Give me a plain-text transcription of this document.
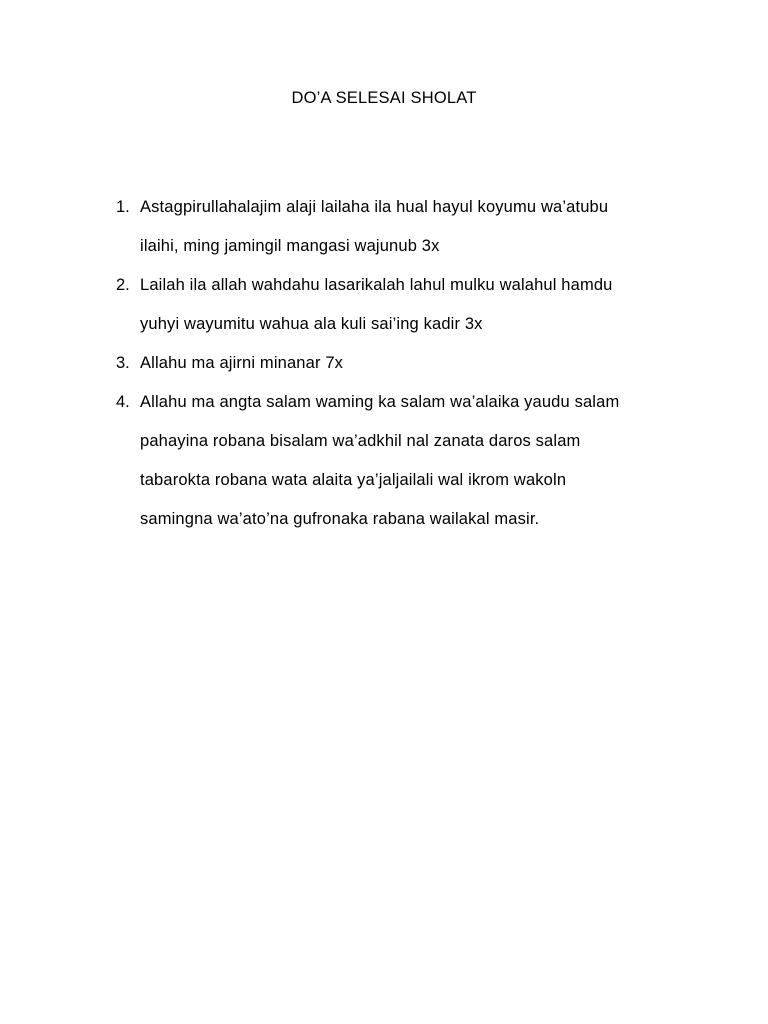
DO’A SELESAI SHOLAT
1. Astagpirullahalajim alaji lailaha ila hual hayul koyumu wa’atubu
ilaihi, ming jamingil mangasi wajunub 3x
2. Lailah ila allah wahdahu lasarikalah lahul mulku walahul hamdu
yuhyi wayumitu wahua ala kuli sai’ing kadir 3x
3. Allahu ma ajirni minanar 7x
4. Allahu ma angta salam waming ka salam wa’alaika yaudu salam
pahayina robana bisalam wa’adkhil nal zanata daros salam
tabarokta robana wata alaita ya’jaljailali wal ikrom wakoln
samingna wa’ato’na gufronaka rabana wailakal masir.
